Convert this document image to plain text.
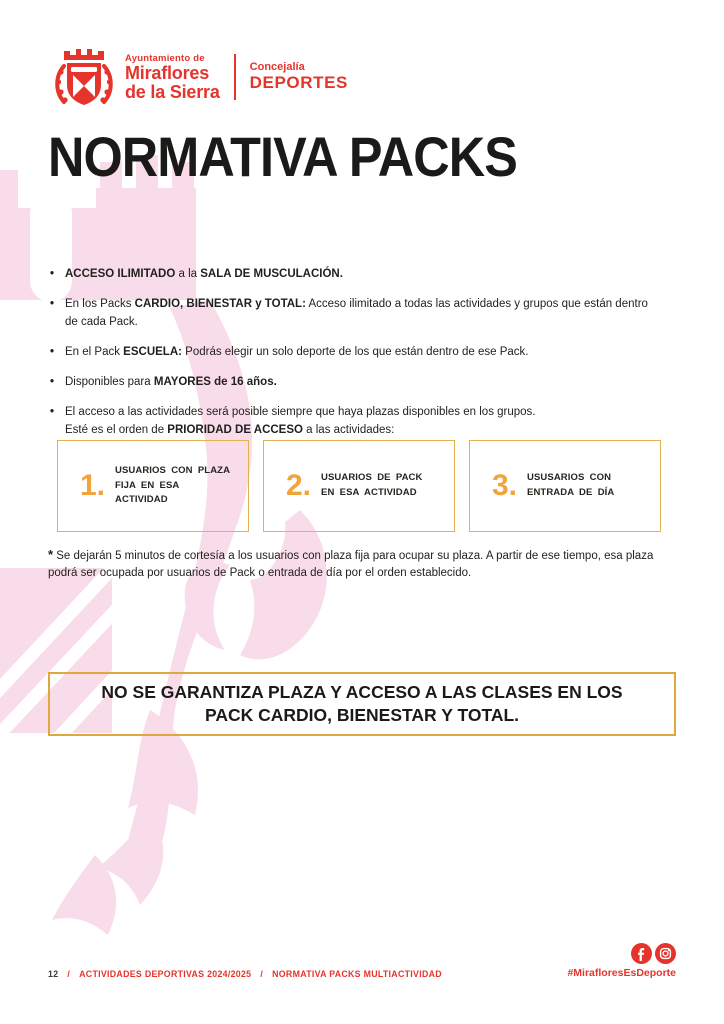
Ayuntamiento de
Miraflores
de la Sierra
Concejalía
DEPORTES
NORMATIVA PACKS
• ACCESO ILIMITADO a la SALA DE MUSCULACIÓN.
• En los Packs CARDIO, BIENESTAR y TOTAL: Acceso ilimitado a todas las actividades y grupos que están dentro de cada Pack.
• En el Pack ESCUELA: Podrás elegir un solo deporte de los que están dentro de ese Pack.
• Disponibles para MAYORES de 16 años.
• El acceso a las actividades será posible siempre que haya plazas disponibles en los grupos.
Esté es el orden de PRIORIDAD DE ACCESO a las actividades:
1. USUARIOS CON PLAZA FIJA EN ESA ACTIVIDAD	2. USUARIOS DE PACK EN ESA ACTIVIDAD	3. USUSARIOS CON ENTRADA DE DÍA

* Se dejarán 5 minutos de cortesía a los usuarios con plaza fija para ocupar su plaza. A partir de ese tiempo, esa plaza podrá ser ocupada por usuarios de Pack o entrada de día por el orden establecido.

NO SE GARANTIZA PLAZA Y ACCESO A LAS CLASES EN LOS
PACK CARDIO, BIENESTAR Y TOTAL.
12 / ACTIVIDADES DEPORTIVAS 2024/2025 / NORMATIVA PACKS MULTIACTIVIDAD	#MirafloresEsDeporte
